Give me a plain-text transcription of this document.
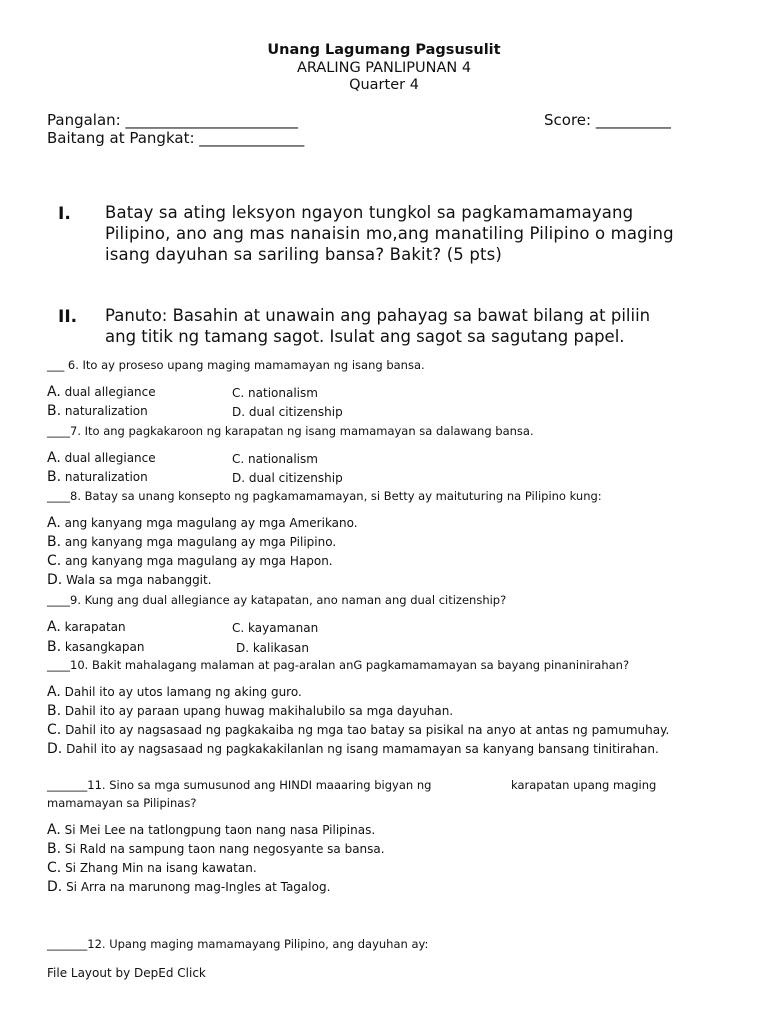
Unang Lagumang Pagsusulit
ARALING PANLIPUNAN 4
Quarter 4
Pangalan: _______________________	Score: __________
Baitang at Pangkat: ______________
I. Batay sa ating leksyon ngayon tungkol sa pagkamamamayang
Pilipino, ano ang mas nanaisin mo,ang manatiling Pilipino o maging
isang dayuhan sa sariling bansa? Bakit? (5 pts)
II. Panuto: Basahin at unawain ang pahayag sa bawat bilang at piliin
ang titik ng tamang sagot. Isulat ang sagot sa sagutang papel.
___ 6. Ito ay proseso upang maging mamamayan ng isang bansa.
A. dual allegiance	C. nationalism
B. naturalization	D. dual citizenship
____7. Ito ang pagkakaroon ng karapatan ng isang mamamayan sa dalawang bansa.
A. dual allegiance	C. nationalism
B. naturalization	D. dual citizenship
____8. Batay sa unang konsepto ng pagkamamamayan, si Betty ay maituturing na Pilipino kung:
A. ang kanyang mga magulang ay mga Amerikano.
B. ang kanyang mga magulang ay mga Pilipino.
C. ang kanyang mga magulang ay mga Hapon.
D. Wala sa mga nabanggit.
____9. Kung ang dual allegiance ay katapatan, ano naman ang dual citizenship?
A. karapatan	C. kayamanan
B. kasangkapan	D. kalikasan
____10. Bakit mahalagang malaman at pag-aralan anG pagkamamamayan sa bayang pinaninirahan?
A. Dahil ito ay utos lamang ng aking guro.
B. Dahil ito ay paraan upang huwag makihalubilo sa mga dayuhan.
C. Dahil ito ay nagsasaad ng pagkakaiba ng mga tao batay sa pisikal na anyo at antas ng pamumuhay.
D. Dahil ito ay nagsasaad ng pagkakakilanlan ng isang mamamayan sa kanyang bansang tinitirahan.
_______11. Sino sa mga sumusunod ang HINDI maaaring bigyan ng	karapatan upang maging
mamamayan sa Pilipinas?
A. Si Mei Lee na tatlongpung taon nang nasa Pilipinas.
B. Si Rald na sampung taon nang negosyante sa bansa.
C. Si Zhang Min na isang kawatan.
D. Si Arra na marunong mag-Ingles at Tagalog.
_______12. Upang maging mamamayang Pilipino, ang dayuhan ay:
File Layout by DepEd Click
